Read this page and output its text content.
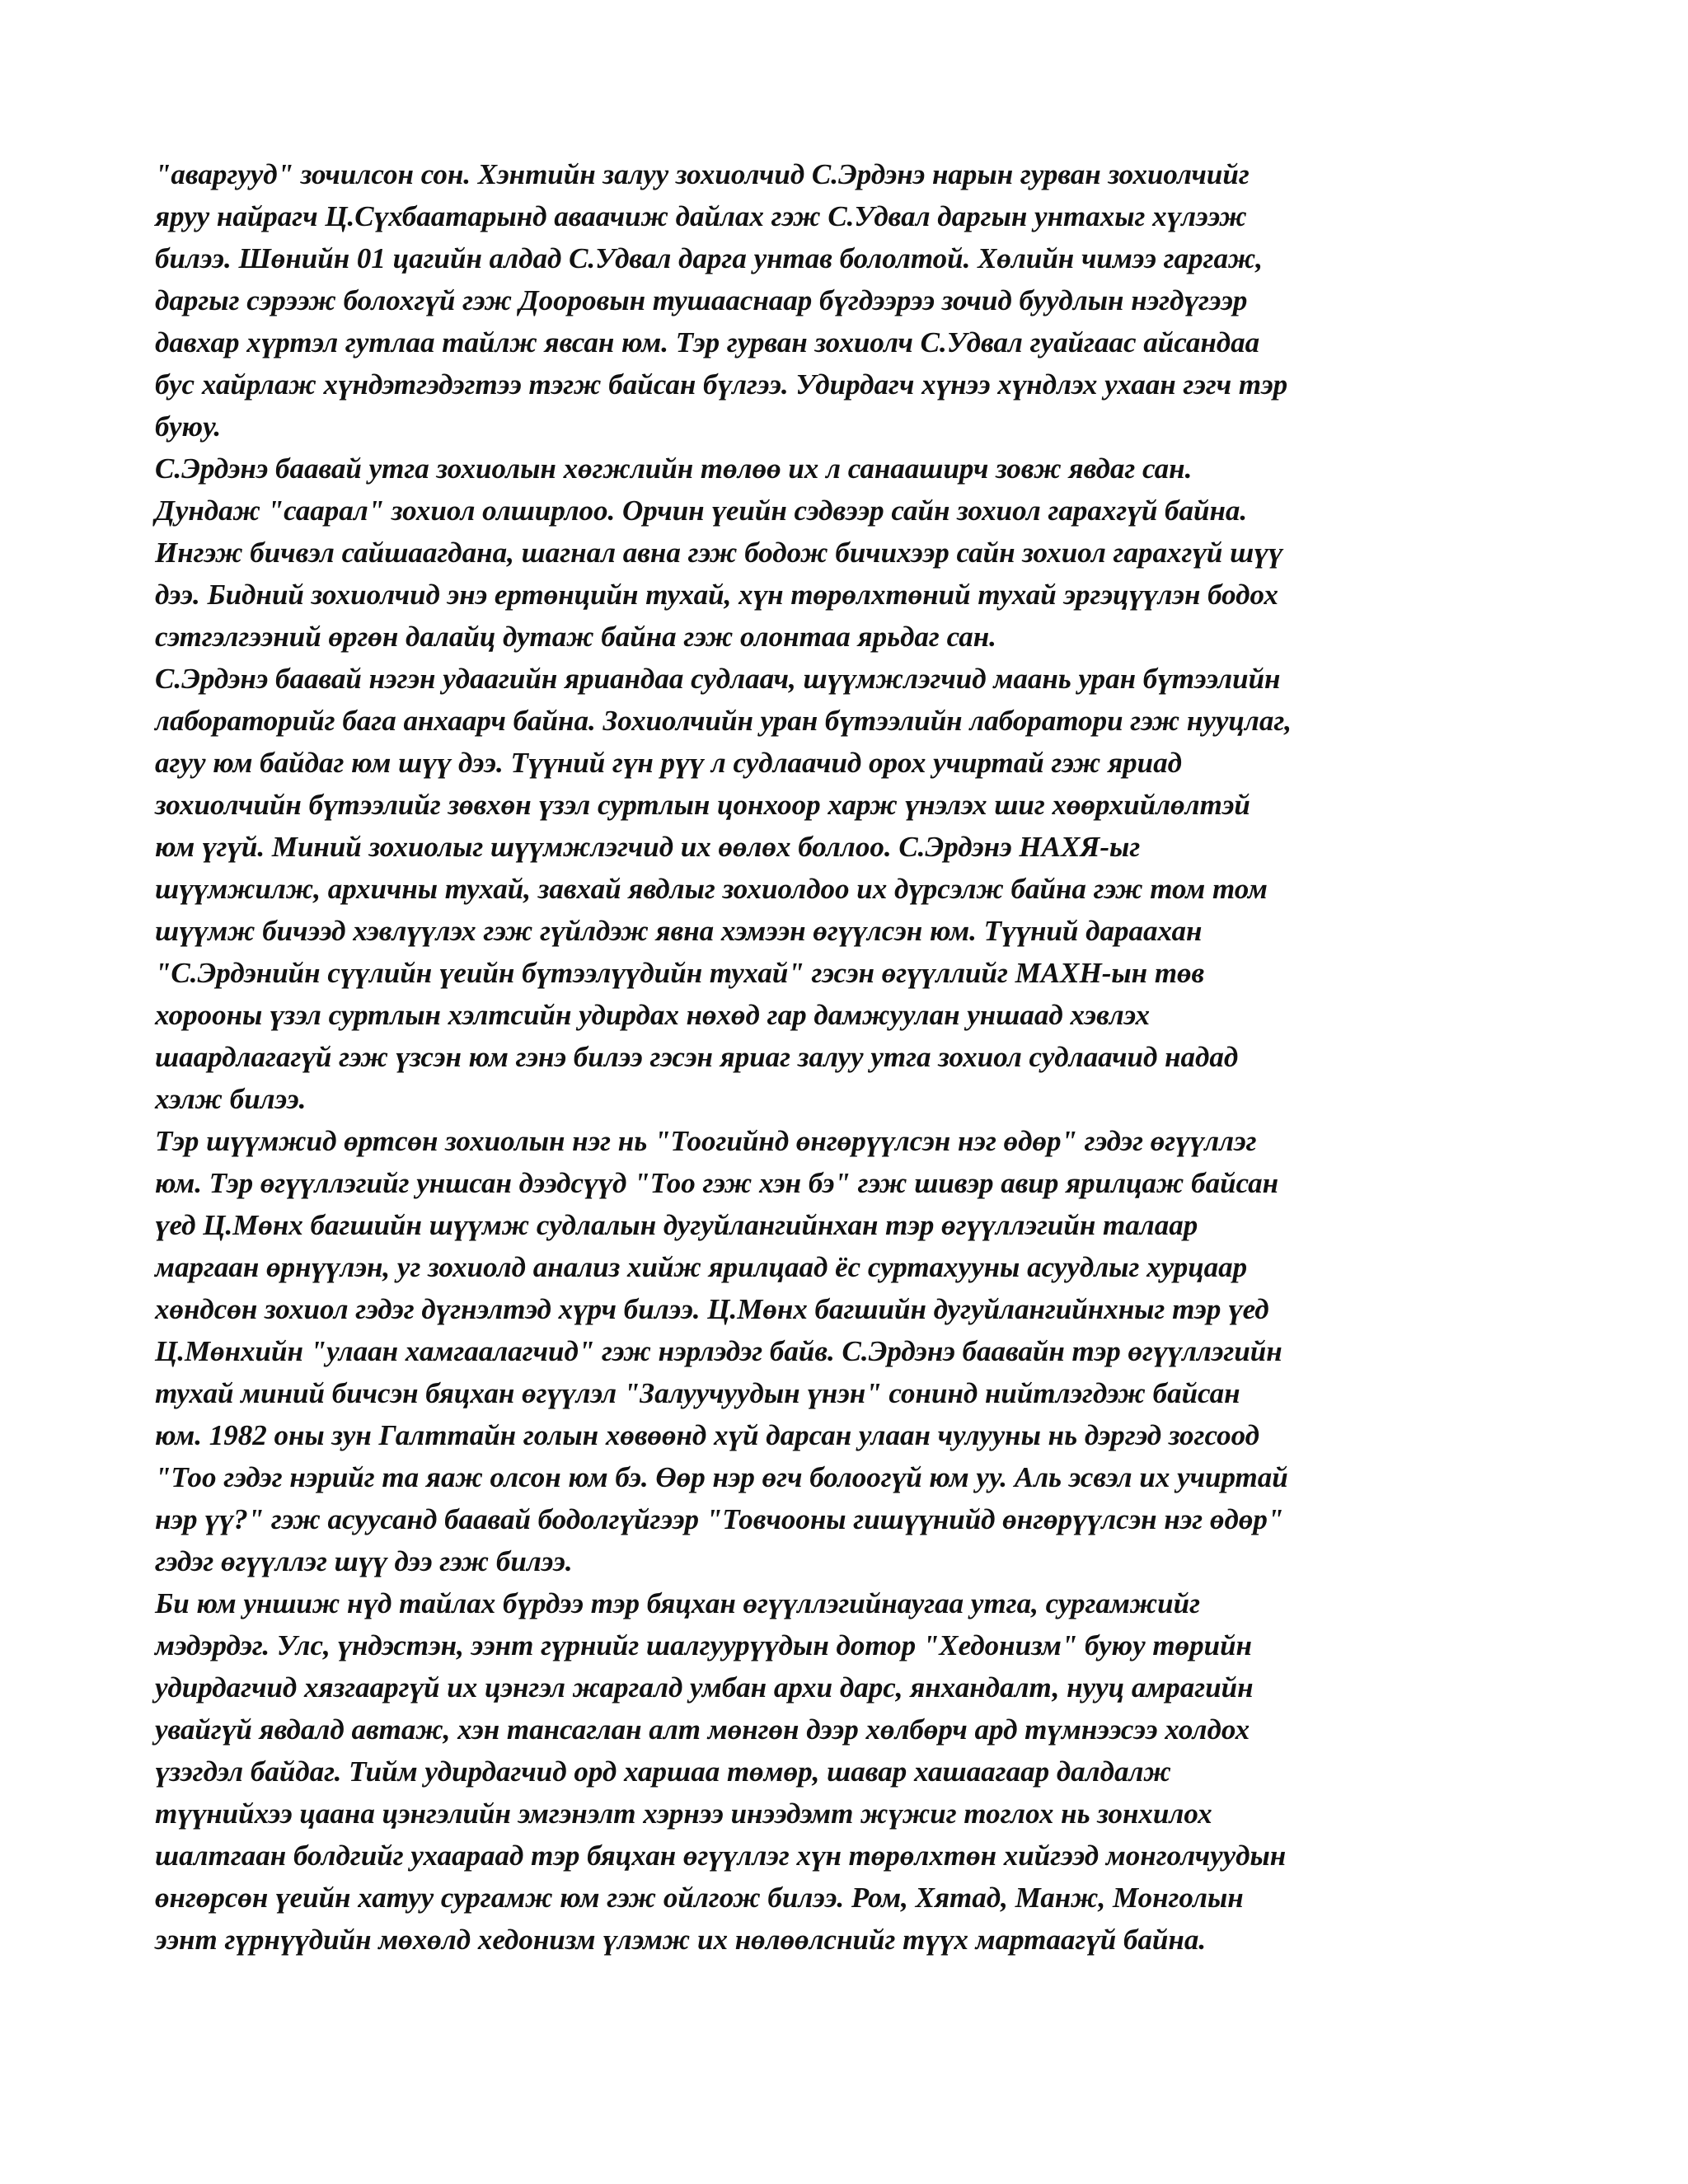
"аваргууд" зочилсон сон. Хэнтийн залуу зохиолчид С.Эрдэнэ нарын гурван зохиолчийг
яруу найрагч Ц.Сүхбаатарынд аваачиж дайлах гэж С.Удвал даргын унтахыг хүлээж
билээ. Шөнийн 01 цагийн алдад С.Удвал дарга унтав бололтой. Хөлийн чимээ гаргаж,
даргыг сэрээж болохгүй гэж Дооровын тушааснаар бүгдээрээ зочид буудлын нэгдүгээр
давхар хүртэл гутлаа тайлж явсан юм. Тэр гурван зохиолч С.Удвал гуайгаас айсандаа
бус хайрлаж хүндэтгэдэгтээ тэгж байсан бүлгээ. Удирдагч хүнээ хүндлэх ухаан гэгч тэр
буюу.
С.Эрдэнэ баавай утга зохиолын хөгжлийн төлөө их л санааширч зовж явдаг сан.
Дундаж "саарал" зохиол олширлоо. Орчин үеийн сэдвээр сайн зохиол гарахгүй байна.
Ингэж бичвэл сайшаагдана, шагнал авна гэж бодож бичихээр сайн зохиол гарахгүй шүү
дээ. Бидний зохиолчид энэ ертөнцийн тухай, хүн төрөлхтөний тухай эргэцүүлэн бодох
сэтгэлгээний өргөн далайц дутаж байна гэж олонтаа ярьдаг сан.
С.Эрдэнэ баавай нэгэн удаагийн яриандаа судлаач, шүүмжлэгчид маань уран бүтээлийн
лабораторийг бага анхаарч байна. Зохиолчийн уран бүтээлийн лаборатори гэж нууцлаг,
агуу юм байдаг юм шүү дээ. Түүний гүн рүү л судлаачид орох учиртай гэж яриад
зохиолчийн бүтээлийг зөвхөн үзэл суртлын цонхоор харж үнэлэх шиг хөөрхийлөлтэй
юм үгүй. Миний зохиолыг шүүмжлэгчид их өөлөх боллоо. С.Эрдэнэ НАХЯ-ыг
шүүмжилж, архичны тухай, завхай явдлыг зохиолдоо их дүрсэлж байна гэж том том
шүүмж бичээд хэвлүүлэх гэж гүйлдэж явна хэмээн өгүүлсэн юм. Түүний дараахан
"С.Эрдэнийн сүүлийн үеийн бүтээлүүдийн тухай" гэсэн өгүүллийг МАХН-ын төв
хорооны үзэл суртлын хэлтсийн удирдах нөхөд гар дамжуулан уншаад хэвлэх
шаардлагагүй гэж үзсэн юм гэнэ билээ гэсэн яриаг залуу утга зохиол судлаачид надад
хэлж билээ.
Тэр шүүмжид өртсөн зохиолын нэг нь "Тоогийнд өнгөрүүлсэн нэг өдөр" гэдэг өгүүллэг
юм. Тэр өгүүллэгийг уншсан дээдсүүд "Тоо гэж хэн бэ" гэж шивэр авир ярилцаж байсан
үед Ц.Мөнх багшийн шүүмж судлалын дугуйлангийнхан тэр өгүүллэгийн талаар
маргаан өрнүүлэн, уг зохиолд анализ хийж ярилцаад ёс суртахууны асуудлыг хурцаар
хөндсөн зохиол гэдэг дүгнэлтэд хүрч билээ. Ц.Мөнх багшийн дугуйлангийнхныг тэр үед
Ц.Мөнхийн "улаан хамгаалагчид" гэж нэрлэдэг байв. С.Эрдэнэ баавайн тэр өгүүллэгийн
тухай миний бичсэн бяцхан өгүүлэл "Залуучуудын үнэн" сонинд нийтлэгдэж байсан
юм. 1982 оны зун Галттайн голын хөвөөнд хүй дарсан улаан чулууны нь дэргэд зогсоод
"Тоо гэдэг нэрийг та яаж олсон юм бэ. Өөр нэр өгч болоогүй юм уу. Аль эсвэл их учиртай
нэр үү?" гэж асуусанд баавай бодолгүйгээр "Товчооны гишүүнийд өнгөрүүлсэн нэг өдөр"
гэдэг өгүүллэг шүү дээ гэж билээ.
Би юм уншиж нүд тайлах бүрдээ тэр бяцхан өгүүллэгийнаугаа утга, сургамжийг
мэдэрдэг. Улс, үндэстэн, ээнт гүрнийг шалгуурүүдын дотор "Хедонизм" буюу төрийн
удирдагчид хязгааргүй их цэнгэл жаргалд умбан архи дарс, янхандалт, нууц амрагийн
увайгүй явдалд автаж, хэн тансаглан алт мөнгөн дээр хөлбөрч ард түмнээсээ холдох
үзэгдэл байдаг. Тийм удирдагчид орд харшаа төмөр, шавар хашаагаар далдалж
түүнийхээ цаана цэнгэлийн эмгэнэлт хэрнээ инээдэмт жүжиг тоглох нь зонхилох
шалтгаан болдгийг ухаараад тэр бяцхан өгүүллэг хүн төрөлхтөн хийгээд монголчуудын
өнгөрсөн үеийн хатуу сургамж юм гэж ойлгож билээ. Ром, Хятад, Манж, Монголын
ээнт гүрнүүдийн мөхөлд хедонизм үлэмж их нөлөөлснийг түүх мартаагүй байна.
